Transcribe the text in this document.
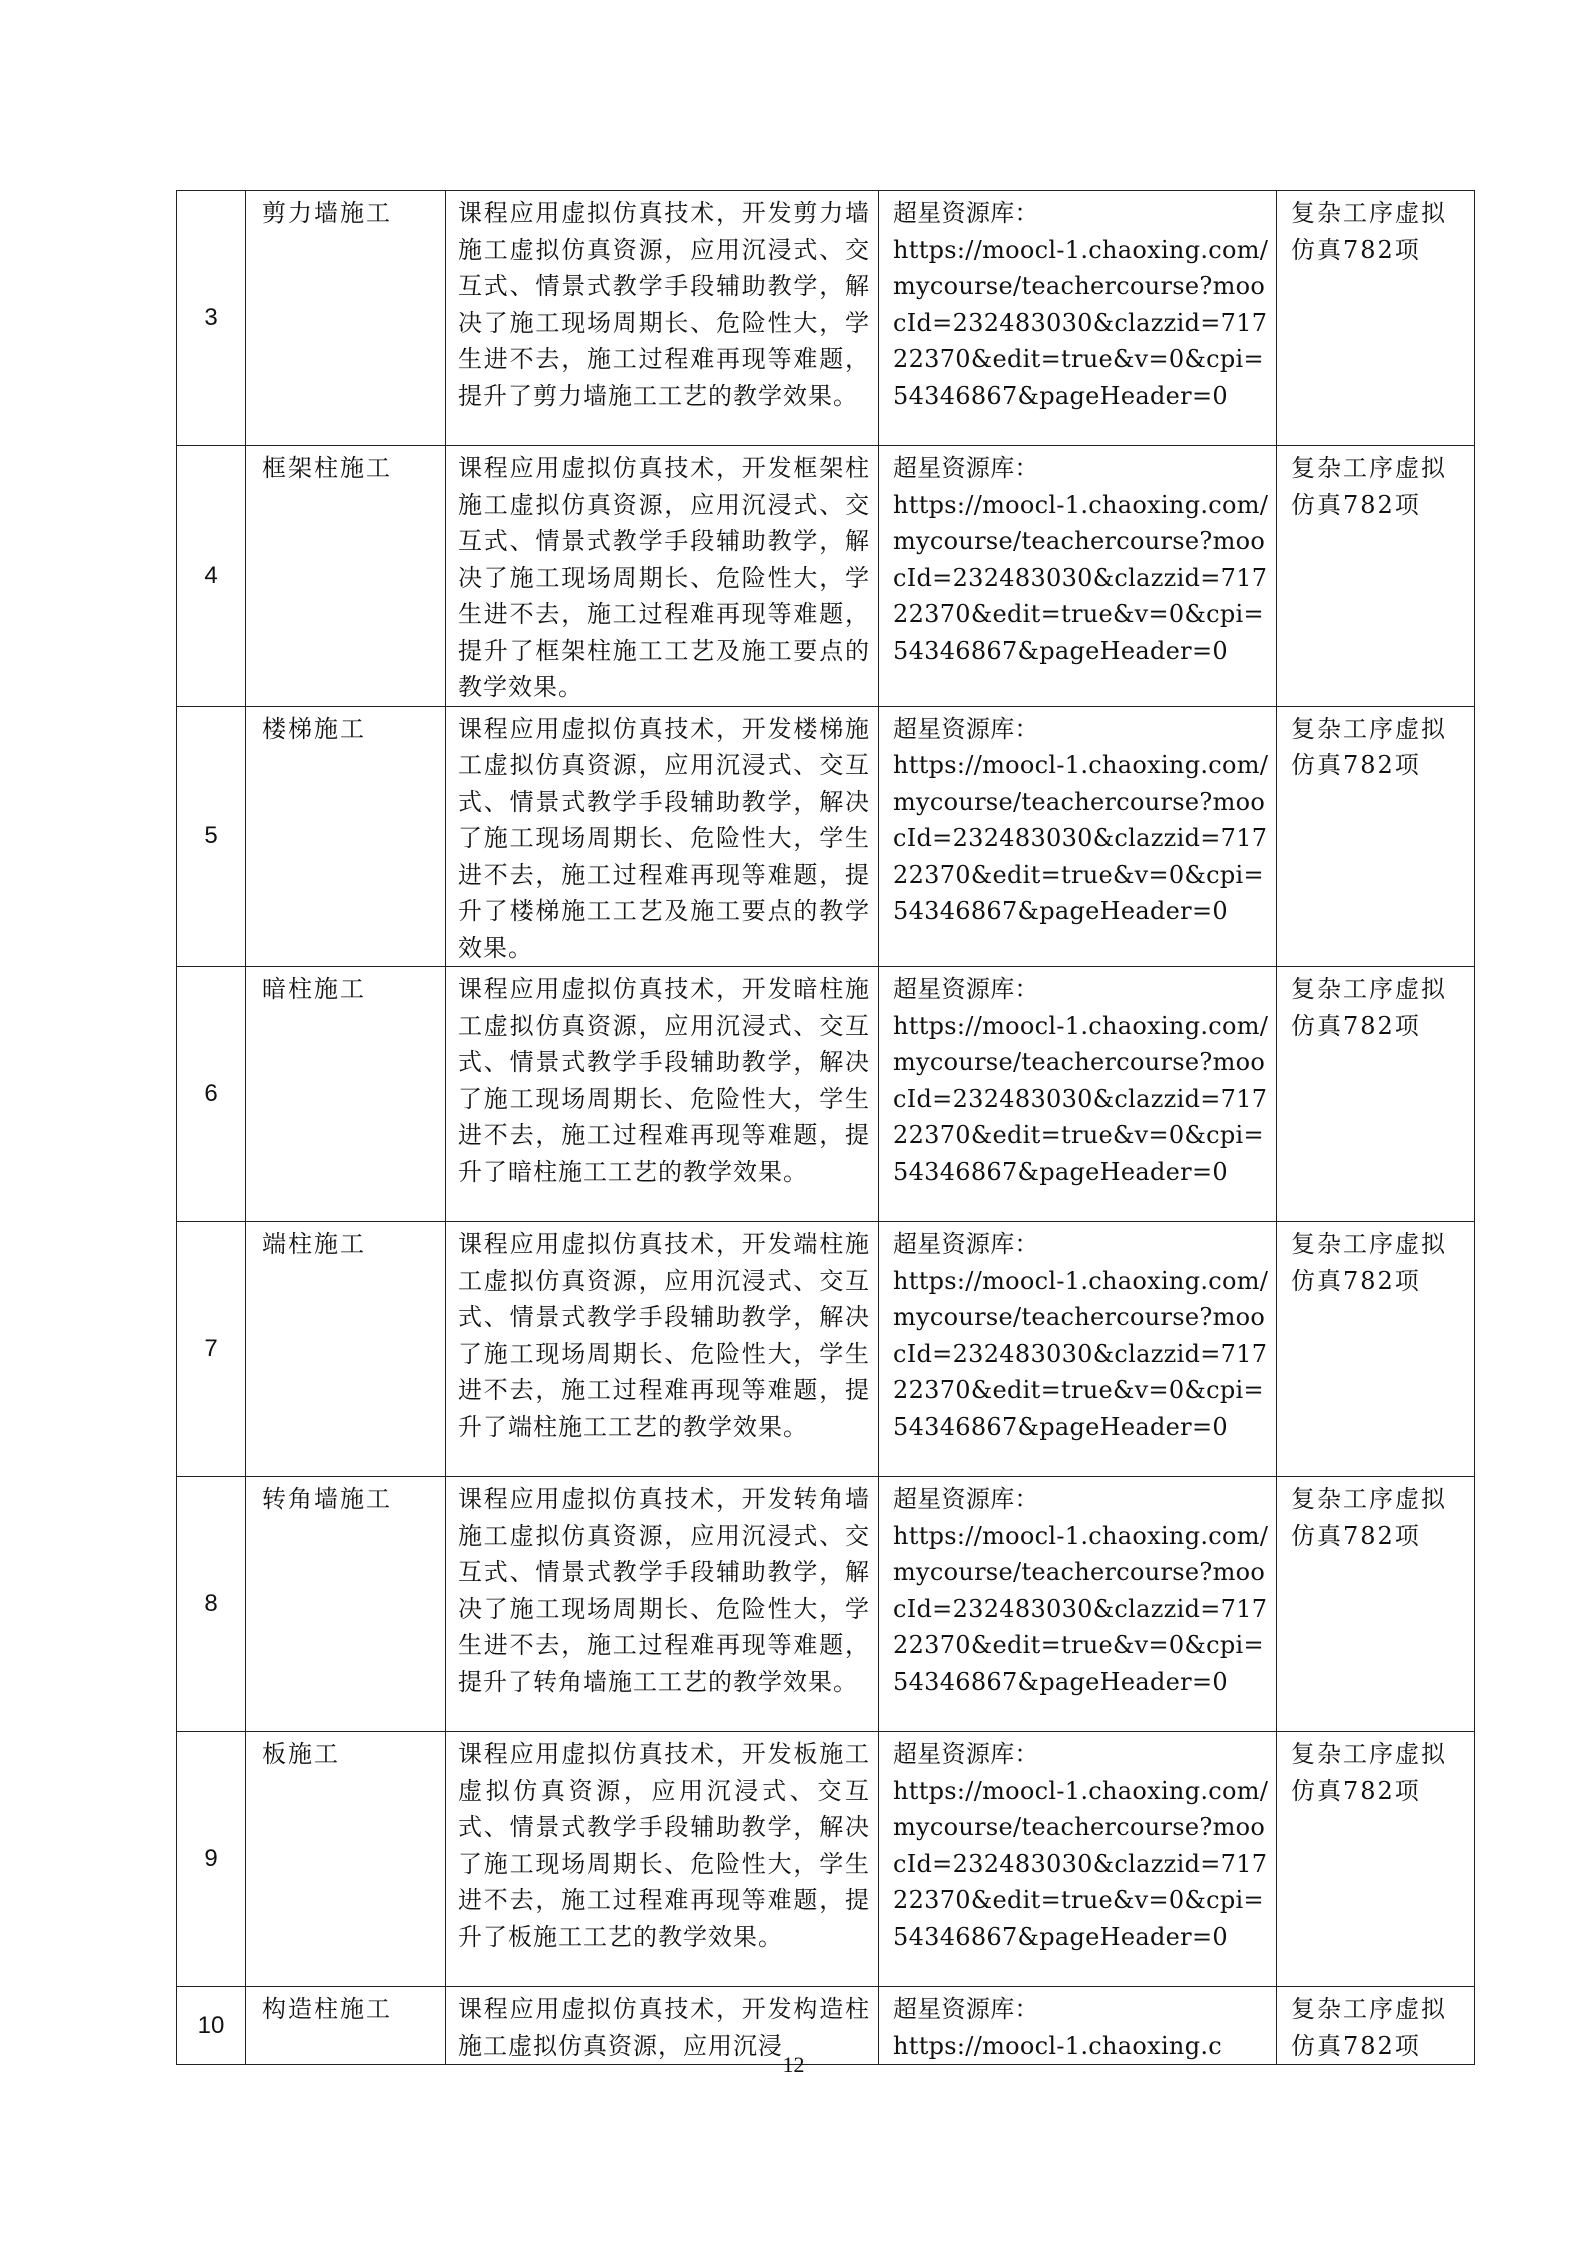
3	剪力墙施工	课程应用虚拟仿真技术，开发剪力墙施工虚拟仿真资源，应用沉浸式、交互式、情景式教学手段辅助教学，解决了施工现场周期长、危险性大，学生进不去，施工过程难再现等难题，提升了剪力墙施工工艺的教学效果。	超星资源库：
https://moocl-1.chaoxing.com/mycourse/teachercourse?moocId=232483030&clazzid=71722370&edit=true&v=0&cpi=54346867&pageHeader=0	复杂工序虚拟仿真782项

4	框架柱施工	课程应用虚拟仿真技术，开发框架柱施工虚拟仿真资源，应用沉浸式、交互式、情景式教学手段辅助教学，解决了施工现场周期长、危险性大，学生进不去，施工过程难再现等难题，提升了框架柱施工工艺及施工要点的教学效果。	超星资源库：
https://moocl-1.chaoxing.com/mycourse/teachercourse?moocId=232483030&clazzid=71722370&edit=true&v=0&cpi=54346867&pageHeader=0	复杂工序虚拟仿真782项

5	楼梯施工	课程应用虚拟仿真技术，开发楼梯施工虚拟仿真资源，应用沉浸式、交互式、情景式教学手段辅助教学，解决了施工现场周期长、危险性大，学生进不去，施工过程难再现等难题，提升了楼梯施工工艺及施工要点的教学效果。	超星资源库：
https://moocl-1.chaoxing.com/mycourse/teachercourse?moocId=232483030&clazzid=71722370&edit=true&v=0&cpi=54346867&pageHeader=0	复杂工序虚拟仿真782项

6	暗柱施工	课程应用虚拟仿真技术，开发暗柱施工虚拟仿真资源，应用沉浸式、交互式、情景式教学手段辅助教学，解决了施工现场周期长、危险性大，学生进不去，施工过程难再现等难题，提升了暗柱施工工艺的教学效果。	超星资源库：
https://moocl-1.chaoxing.com/mycourse/teachercourse?moocId=232483030&clazzid=71722370&edit=true&v=0&cpi=54346867&pageHeader=0	复杂工序虚拟仿真782项

7	端柱施工	课程应用虚拟仿真技术，开发端柱施工虚拟仿真资源，应用沉浸式、交互式、情景式教学手段辅助教学，解决了施工现场周期长、危险性大，学生进不去，施工过程难再现等难题，提升了端柱施工工艺的教学效果。	超星资源库：
https://moocl-1.chaoxing.com/mycourse/teachercourse?moocId=232483030&clazzid=71722370&edit=true&v=0&cpi=54346867&pageHeader=0	复杂工序虚拟仿真782项

8	转角墙施工	课程应用虚拟仿真技术，开发转角墙施工虚拟仿真资源，应用沉浸式、交互式、情景式教学手段辅助教学，解决了施工现场周期长、危险性大，学生进不去，施工过程难再现等难题，提升了转角墙施工工艺的教学效果。	超星资源库：
https://moocl-1.chaoxing.com/mycourse/teachercourse?moocId=232483030&clazzid=71722370&edit=true&v=0&cpi=54346867&pageHeader=0	复杂工序虚拟仿真782项

9	板施工	课程应用虚拟仿真技术，开发板施工虚拟仿真资源，应用沉浸式、交互式、情景式教学手段辅助教学，解决了施工现场周期长、危险性大，学生进不去，施工过程难再现等难题，提升了板施工工艺的教学效果。	超星资源库：
https://moocl-1.chaoxing.com/mycourse/teachercourse?moocId=232483030&clazzid=71722370&edit=true&v=0&cpi=54346867&pageHeader=0	复杂工序虚拟仿真782项

10	构造柱施工	课程应用虚拟仿真技术，开发构造柱施工虚拟仿真资源，应用沉浸	超星资源库：
https://moocl-1.chaoxing.c	复杂工序虚拟仿真782项
12
